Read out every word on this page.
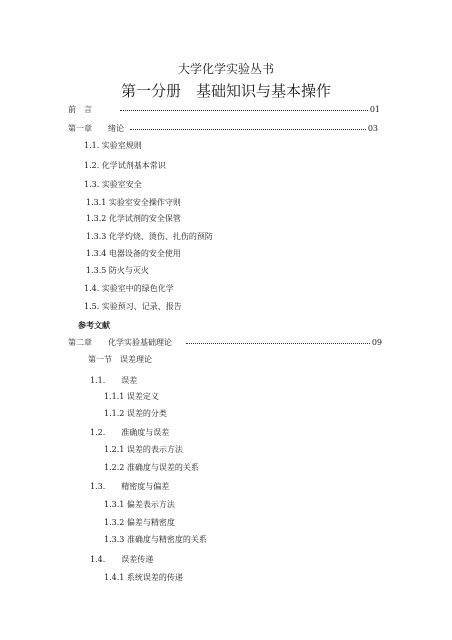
大学化学实验丛书
第一分册　基础知识与基本操作
前　言	01
第一章　　绪论	03
1.1. 实验室规则
1.2. 化学试剂基本常识
1.3. 实验室安全
1.3.1 实验室安全操作守则
1.3.2 化学试剂的安全保管
1.3.3 化学灼烧、烫伤、扎伤的预防
1.3.4 电器设备的安全使用
1.3.5 防火与灭火
1.4. 实验室中的绿色化学
1.5. 实验预习、记录、报告
参考文献
第二章　　化学实验基础理论	09
第一节　误差理论
1.1.　　误差
1.1.1 误差定义
1.1.2 误差的分类
1.2.　　准确度与误差
1.2.1 误差的表示方法
1.2.2 准确度与误差的关系
1.3.　　精密度与偏差
1.3.1 偏差表示方法
1.3.2 偏差与精密度
1.3.3 准确度与精密度的关系
1.4.　　误差传递
1.4.1 系统误差的传递
